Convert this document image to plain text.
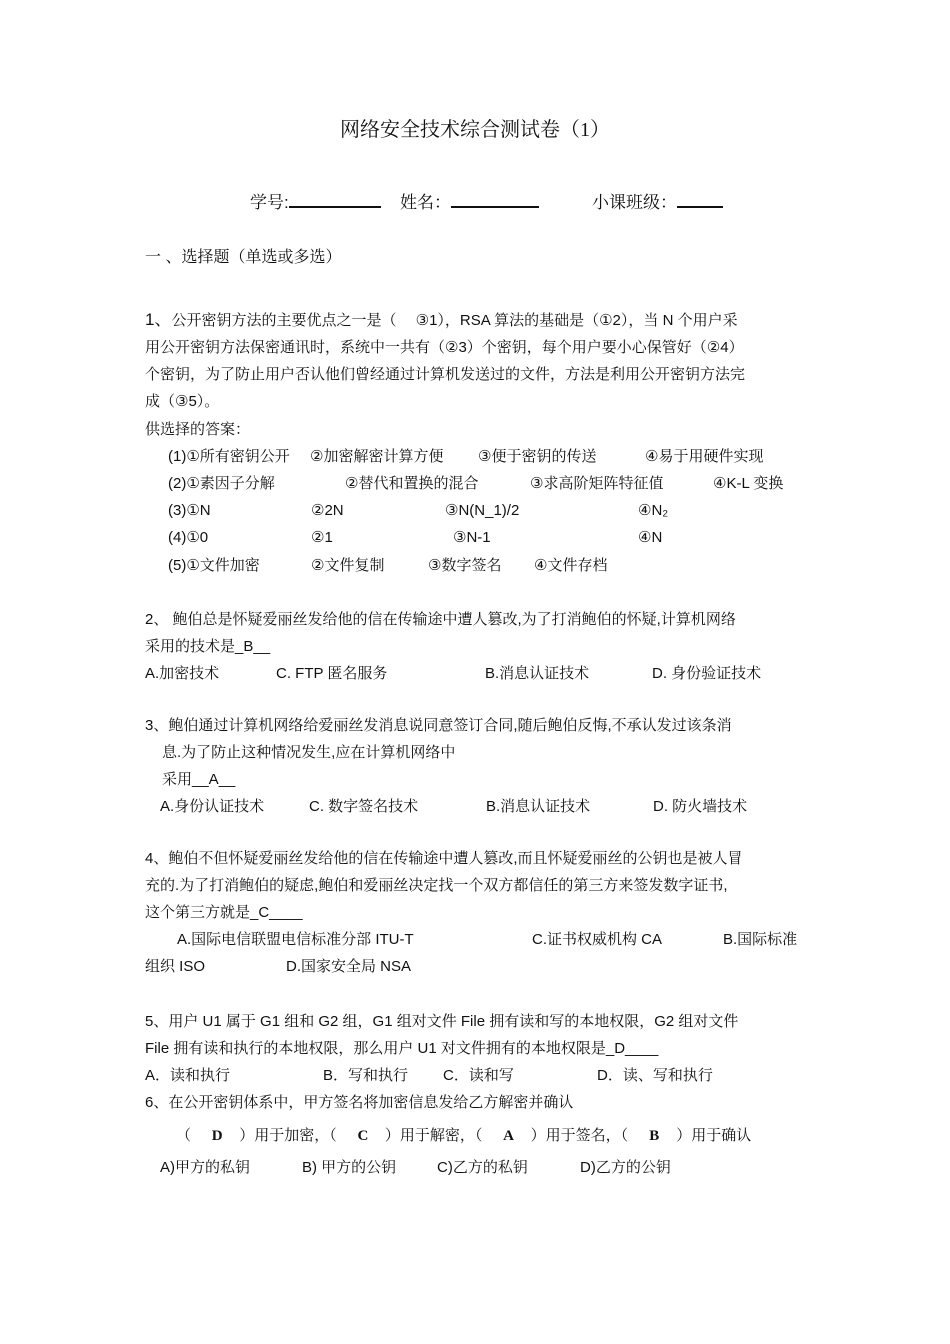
网络安全技术综合测试卷（1）
学号:	姓名：	小课班级：
一 、选择题（单选或多选）
1、公开密钥方法的主要优点之一是（　 ③1），RSA 算法的基础是（①2），当 N 个用户采
用公开密钥方法保密通讯时，系统中一共有（②3）个密钥，每个用户要小心保管好（②4）
个密钥，为了防止用户否认他们曾经通过计算机发送过的文件，方法是利用公开密钥方法完
成（③5）。
供选择的答案：
(1)①所有密钥公开 ②加密解密计算方便 ③便于密钥的传送	④易于用硬件实现
(2)①素因子分解	②替代和置换的混合	③求高阶矩阵特征值	④K-L 变换
(3)①N	②2N	③N(N_1)/2	④N₂
(4)①0	②1	③N-1	④N
(5)①文件加密	②文件复制	③数字签名 ④文件存档
2、 鲍伯总是怀疑爱丽丝发给他的信在传输途中遭人篡改,为了打消鲍伯的怀疑,计算机网络
采用的技术是_B__
A.加密技术	C. FTP 匿名服务	B.消息认证技术	D. 身份验证技术
3、鲍伯通过计算机网络给爱丽丝发消息说同意签订合同,随后鲍伯反悔,不承认发过该条消
息.为了防止这种情况发生,应在计算机网络中
采用__A__
A.身份认证技术	C. 数字签名技术	B.消息认证技术	D. 防火墙技术
4、鲍伯不但怀疑爱丽丝发给他的信在传输途中遭人篡改,而且怀疑爱丽丝的公钥也是被人冒
充的.为了打消鲍伯的疑虑,鲍伯和爱丽丝决定找一个双方都信任的第三方来签发数字证书,
这个第三方就是_C____
A.国际电信联盟电信标准分部 ITU-T	C.证书权威机构 CA	B.国际标准
组织 ISO	D.国家安全局 NSA
5、用户 U1 属于 G1 组和 G2 组，G1 组对文件 File 拥有读和写的本地权限，G2 组对文件
File 拥有读和执行的本地权限，那么用户 U1 对文件拥有的本地权限是_D____
A．读和执行	B．写和执行 C．读和写	D．读、写和执行
6、在公开密钥体系中，甲方签名将加密信息发给乙方解密并确认
（ D ）用于加密，（ C ）用于解密，（ A ）用于签名，（ B ）用于确认
A)甲方的私钥	B) 甲方的公钥	C)乙方的私钥	D)乙方的公钥
